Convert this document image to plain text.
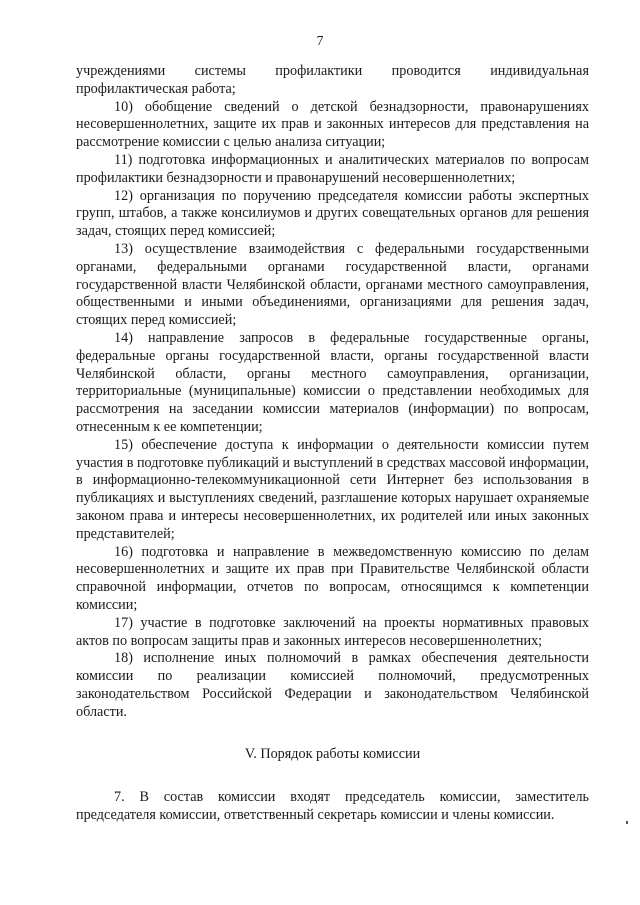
7

учреждениями системы профилактики проводится индивидуальная профилактическая работа;

10) обобщение сведений о детской безнадзорности, правонарушениях несовершеннолетних, защите их прав и законных интересов для представления на рассмотрение комиссии с целью анализа ситуации;

11) подготовка информационных и аналитических материалов по вопросам профилактики безнадзорности и правонарушений несовершеннолетних;

12) организация по поручению председателя комиссии работы экспертных групп, штабов, а также консилиумов и других совещательных органов для решения задач, стоящих перед комиссией;

13) осуществление взаимодействия с федеральными государственными органами, федеральными органами государственной власти, органами государственной власти Челябинской области, органами местного самоуправления, общественными и иными объединениями, организациями для решения задач, стоящих перед комиссией;

14) направление запросов в федеральные государственные органы, федеральные органы государственной власти, органы государственной власти Челябинской области, органы местного самоуправления, организации, территориальные (муниципальные) комиссии о представлении необходимых для рассмотрения на заседании комиссии материалов (информации) по вопросам, отнесенным к ее компетенции;

15) обеспечение доступа к информации о деятельности комиссии путем участия в подготовке публикаций и выступлений в средствах массовой информации, в информационно-телекоммуникационной сети Интернет без использования в публикациях и выступлениях сведений, разглашение которых нарушает охраняемые законом права и интересы несовершеннолетних, их родителей или иных законных представителей;

16) подготовка и направление в межведомственную комиссию по делам несовершеннолетних и защите их прав при Правительстве Челябинской области справочной информации, отчетов по вопросам, относящимся к компетенции комиссии;

17) участие в подготовке заключений на проекты нормативных правовых актов по вопросам защиты прав и законных интересов несовершеннолетних;

18) исполнение иных полномочий в рамках обеспечения деятельности комиссии по реализации комиссией полномочий, предусмотренных законодательством Российской Федерации и законодательством Челябинской области.

V. Порядок работы комиссии

7. В состав комиссии входят председатель комиссии, заместитель председателя комиссии, ответственный секретарь комиссии и члены комиссии.
